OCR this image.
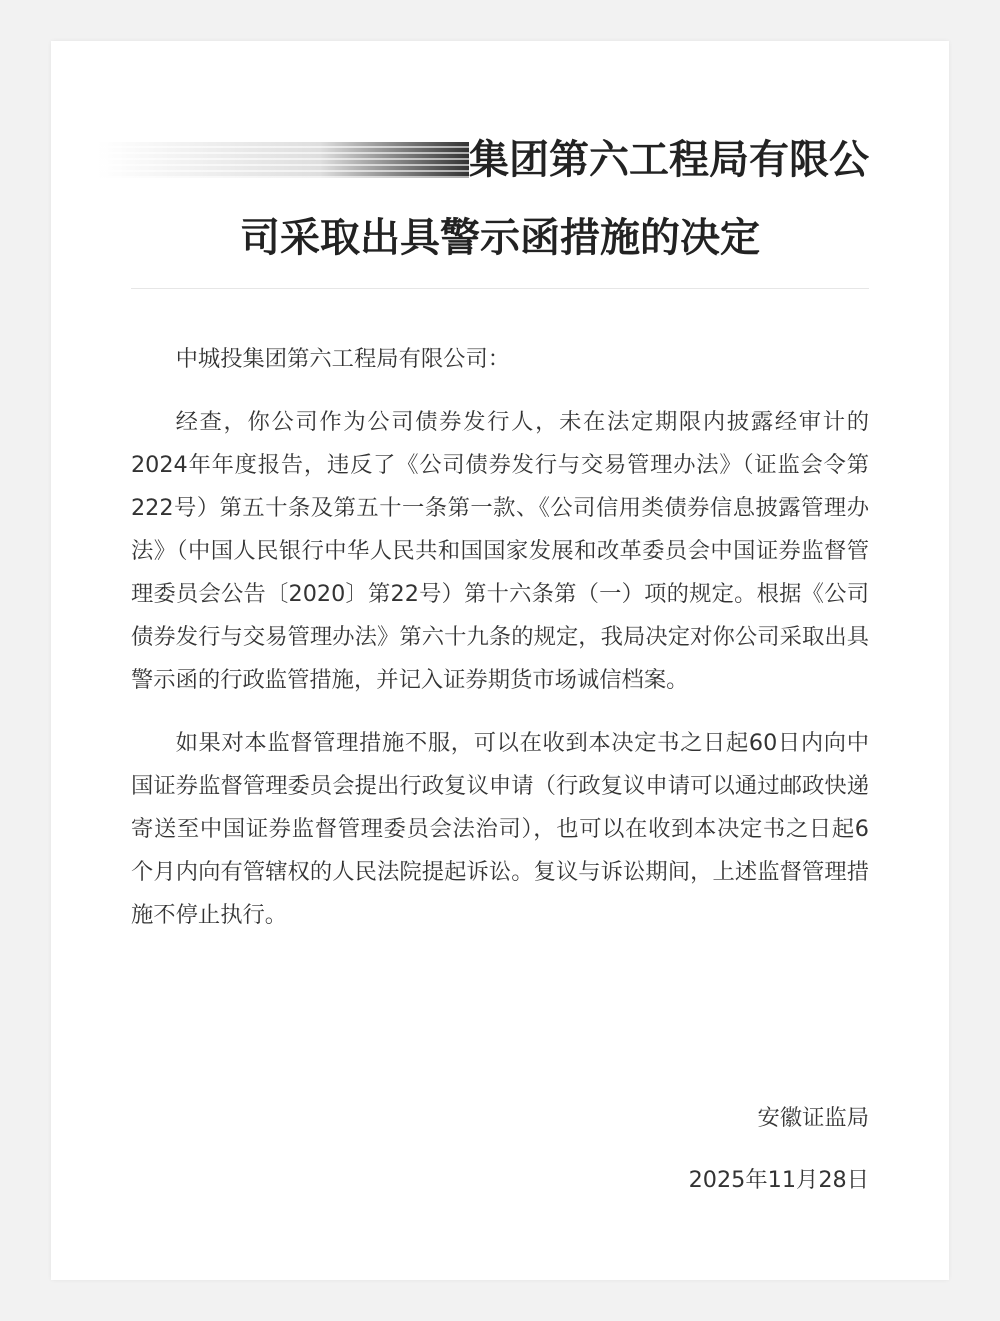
集团第六工程局有限公
司采取出具警示函措施的决定

中城投集团第六工程局有限公司：

经查，你公司作为公司债券发行人，未在法定期限内披露经审计的2024年年度报告，违反了《公司债券发行与交易管理办法》（证监会令第222号）第五十条及第五十一条第一款、《公司信用类债券信息披露管理办法》（中国人民银行中华人民共和国国家发展和改革委员会中国证券监督管理委员会公告〔2020〕第22号）第十六条第（一）项的规定。根据《公司债券发行与交易管理办法》第六十九条的规定，我局决定对你公司采取出具警示函的行政监管措施，并记入证券期货市场诚信档案。

如果对本监督管理措施不服，可以在收到本决定书之日起60日内向中国证券监督管理委员会提出行政复议申请（行政复议申请可以通过邮政快递寄送至中国证券监督管理委员会法治司），也可以在收到本决定书之日起6个月内向有管辖权的人民法院提起诉讼。复议与诉讼期间，上述监督管理措施不停止执行。

安徽证监局
2025年11月28日
